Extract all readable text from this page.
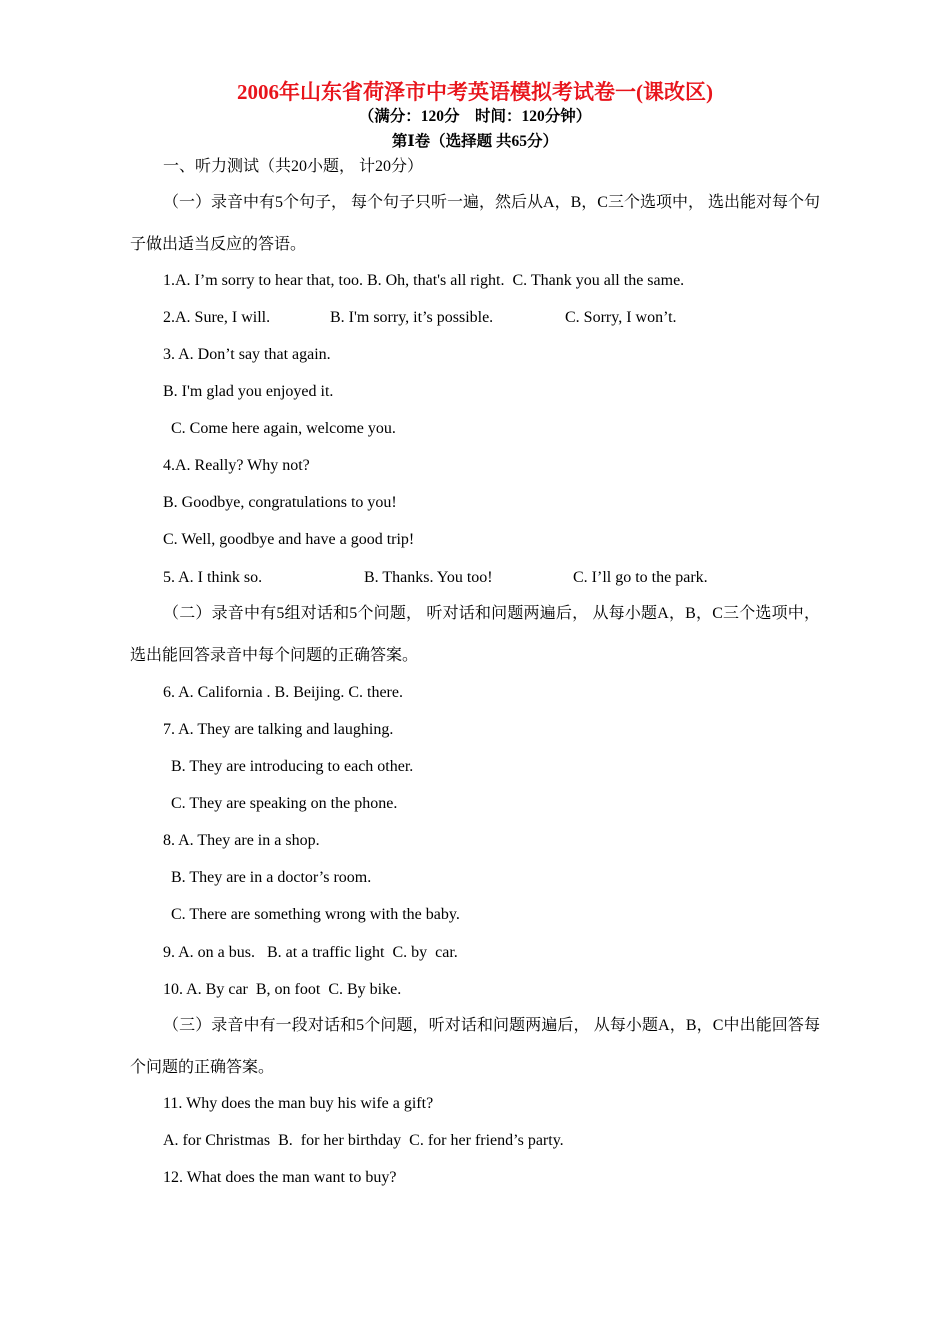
2006年山东省荷泽市中考英语模拟考试卷一(课改区)
（满分：120分　时间：120分钟）
第Ⅰ卷（选择题 共65分）
一、听力测试（共20小题， 计20分）
（一）录音中有5个句子， 每个句子只听一遍，然后从A，B，C三个选项中， 选出能对每个句子做出适当反应的答语。
1.A. I’m sorry to hear that, too. B. Oh, that's all right.  C. Thank you all the same.
2.A. Sure, I will.	B. I'm sorry, it’s possible.	C. Sorry, I won’t.
3. A. Don’t say that again.
B. I'm glad you enjoyed it.
C. Come here again, welcome you.
4.A. Really? Why not?
B. Goodbye, congratulations to you!
C. Well, goodbye and have a good trip!
5. A. I think so.	B. Thanks. You too!	C. I’ll go to the park.
（二）录音中有5组对话和5个问题， 听对话和问题两遍后， 从每小题A，B，C三个选项中， 选出能回答录音中每个问题的正确答案。
6. A. California . B. Beijing. C. there.
7. A. They are talking and laughing.
B. They are introducing to each other.
C. They are speaking on the phone.
8. A. They are in a shop.
B. They are in a doctor’s room.
C. There are something wrong with the baby.
9. A. on a bus.   B. at a traffic light  C. by  car.
10. A. By car  B, on foot  C. By bike.
（三）录音中有一段对话和5个问题，听对话和问题两遍后， 从每小题A，B，C中出能回答每个问题的正确答案。
11. Why does the man buy his wife a gift?
A. for Christmas  B.  for her birthday  C. for her friend’s party.
12. What does the man want to buy?
